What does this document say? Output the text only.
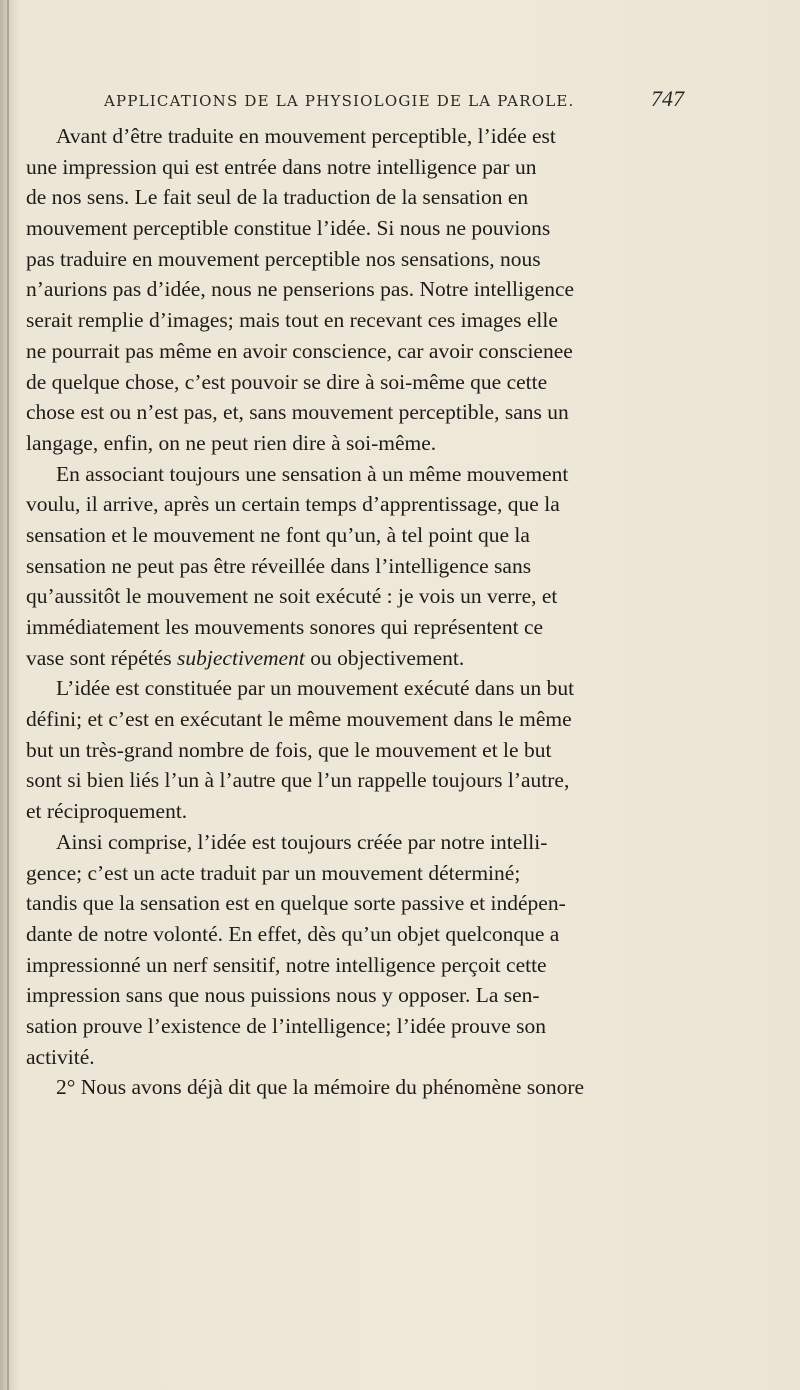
APPLICATIONS DE LA PHYSIOLOGIE DE LA PAROLE.	747
Avant d’être traduite en mouvement perceptible, l’idée est
une impression qui est entrée dans notre intelligence par un
de nos sens. Le fait seul de la traduction de la sensation en
mouvement perceptible constitue l’idée. Si nous ne pouvions
pas traduire en mouvement perceptible nos sensations, nous
n’aurions pas d’idée, nous ne penserions pas. Notre intelligence
serait remplie d’images; mais tout en recevant ces images elle
ne pourrait pas même en avoir conscience, car avoir conscienee
de quelque chose, c’est pouvoir se dire à soi-même que cette
chose est ou n’est pas, et, sans mouvement perceptible, sans un
langage, enfin, on ne peut rien dire à soi-même.
En associant toujours une sensation à un même mouvement
voulu, il arrive, après un certain temps d’apprentissage, que la
sensation et le mouvement ne font qu’un, à tel point que la
sensation ne peut pas être réveillée dans l’intelligence sans
qu’aussitôt le mouvement ne soit exécuté : je vois un verre, et
immédiatement les mouvements sonores qui représentent ce
vase sont répétés subjectivement ou objectivement.
L’idée est constituée par un mouvement exécuté dans un but
défini; et c’est en exécutant le même mouvement dans le même
but un très-grand nombre de fois, que le mouvement et le but
sont si bien liés l’un à l’autre que l’un rappelle toujours l’autre,
et réciproquement.
Ainsi comprise, l’idée est toujours créée par notre intelli-
gence; c’est un acte traduit par un mouvement déterminé;
tandis que la sensation est en quelque sorte passive et indépen-
dante de notre volonté. En effet, dès qu’un objet quelconque a
impressionné un nerf sensitif, notre intelligence perçoit cette
impression sans que nous puissions nous y opposer. La sen-
sation prouve l’existence de l’intelligence; l’idée prouve son
activité.
2° Nous avons déjà dit que la mémoire du phénomène sonore
